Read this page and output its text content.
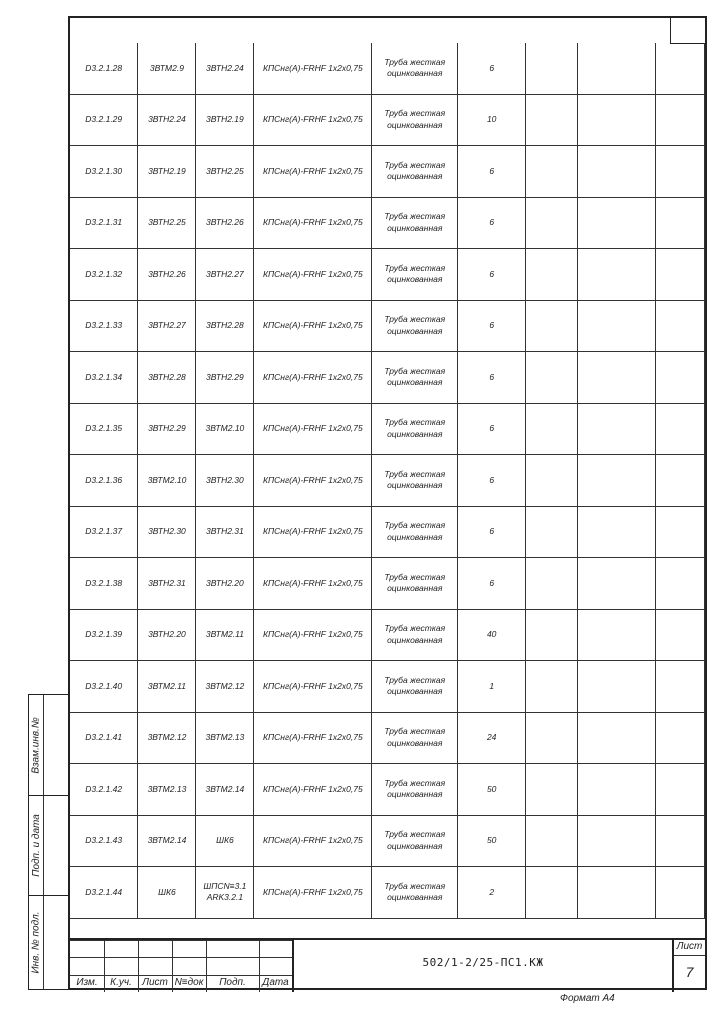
Взам.инв.№
Подп. и дата
Инв. № подл.
D3.2.1.28	3ВТМ2.9	3ВТН2.24	КПСнг(А)-FRHF 1х2х0,75	Труба жесткая оцинкованная	6			
D3.2.1.29	3ВТН2.24	3ВТН2.19	КПСнг(А)-FRHF 1х2х0,75	Труба жесткая оцинкованная	10			
D3.2.1.30	3ВТН2.19	3ВТН2.25	КПСнг(А)-FRHF 1х2х0,75	Труба жесткая оцинкованная	6			
D3.2.1.31	3ВТН2.25	3ВТН2.26	КПСнг(А)-FRHF 1х2х0,75	Труба жесткая оцинкованная	6			
D3.2.1.32	3ВТН2.26	3ВТН2.27	КПСнг(А)-FRHF 1х2х0,75	Труба жесткая оцинкованная	6			
D3.2.1.33	3ВТН2.27	3ВТН2.28	КПСнг(А)-FRHF 1х2х0,75	Труба жесткая оцинкованная	6			
D3.2.1.34	3ВТН2.28	3ВТН2.29	КПСнг(А)-FRHF 1х2х0,75	Труба жесткая оцинкованная	6			
D3.2.1.35	3ВТН2.29	3ВТМ2.10	КПСнг(А)-FRHF 1х2х0,75	Труба жесткая оцинкованная	6			
D3.2.1.36	3ВТМ2.10	3ВТН2.30	КПСнг(А)-FRHF 1х2х0,75	Труба жесткая оцинкованная	6			
D3.2.1.37	3ВТН2.30	3ВТН2.31	КПСнг(А)-FRHF 1х2х0,75	Труба жесткая оцинкованная	6			
D3.2.1.38	3ВТН2.31	3ВТН2.20	КПСнг(А)-FRHF 1х2х0,75	Труба жесткая оцинкованная	6			
D3.2.1.39	3ВТН2.20	3ВТМ2.11	КПСнг(А)-FRHF 1х2х0,75	Труба жесткая оцинкованная	40			
D3.2.1.40	3ВТМ2.11	3ВТМ2.12	КПСнг(А)-FRHF 1х2х0,75	Труба жесткая оцинкованная	1			
D3.2.1.41	3ВТМ2.12	3ВТМ2.13	КПСнг(А)-FRHF 1х2х0,75	Труба жесткая оцинкованная	24			
D3.2.1.42	3ВТМ2.13	3ВТМ2.14	КПСнг(А)-FRHF 1х2х0,75	Труба жесткая оцинкованная	50			
D3.2.1.43	3ВТМ2.14	ШК6	КПСнг(А)-FRHF 1х2х0,75	Труба жесткая оцинкованная	50			
D3.2.1.44	ШК6	ШПСN≡3.1 ARK3.2.1	КПСнг(А)-FRHF 1х2х0,75	Труба жесткая оцинкованная	2			
Изм.	К.уч.	Лист N≡док	Подп.	Дата
502/1-2/25-ПС1.КЖ
Лист
7
Формат А4
